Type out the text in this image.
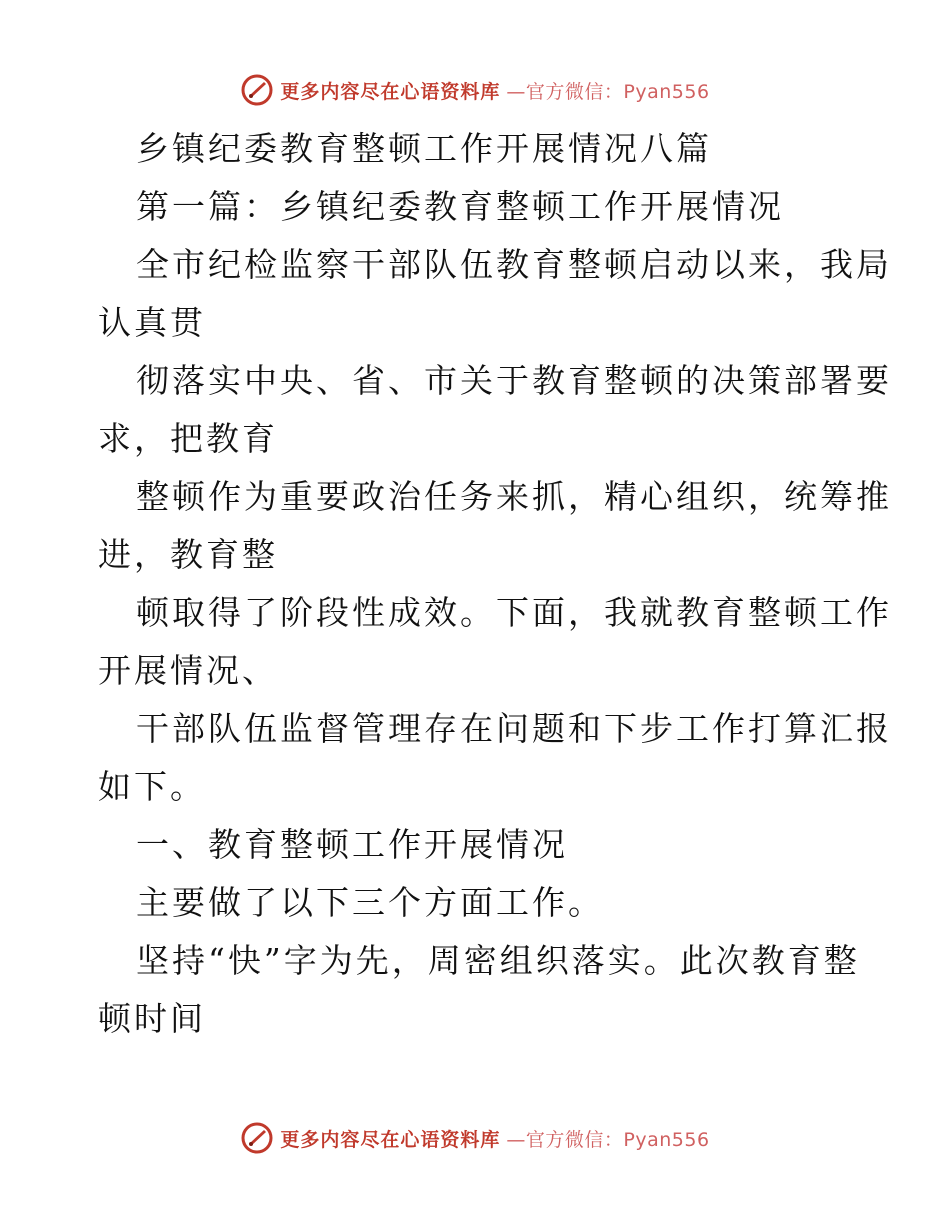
更多内容尽在心语资料库 —官方微信：Pyan556

乡镇纪委教育整顿工作开展情况八篇

第一篇：乡镇纪委教育整顿工作开展情况

全市纪检监察干部队伍教育整顿启动以来，我局

认真贯

彻落实中央、省、市关于教育整顿的决策部署要

求，把教育

整顿作为重要政治任务来抓，精心组织，统筹推

进，教育整

顿取得了阶段性成效。下面，我就教育整顿工作

开展情况、

干部队伍监督管理存在问题和下步工作打算汇报

如下。

一、教育整顿工作开展情况

主要做了以下三个方面工作。

坚持“快”字为先，周密组织落实。此次教育整

顿时间

更多内容尽在心语资料库 —官方微信：Pyan556
